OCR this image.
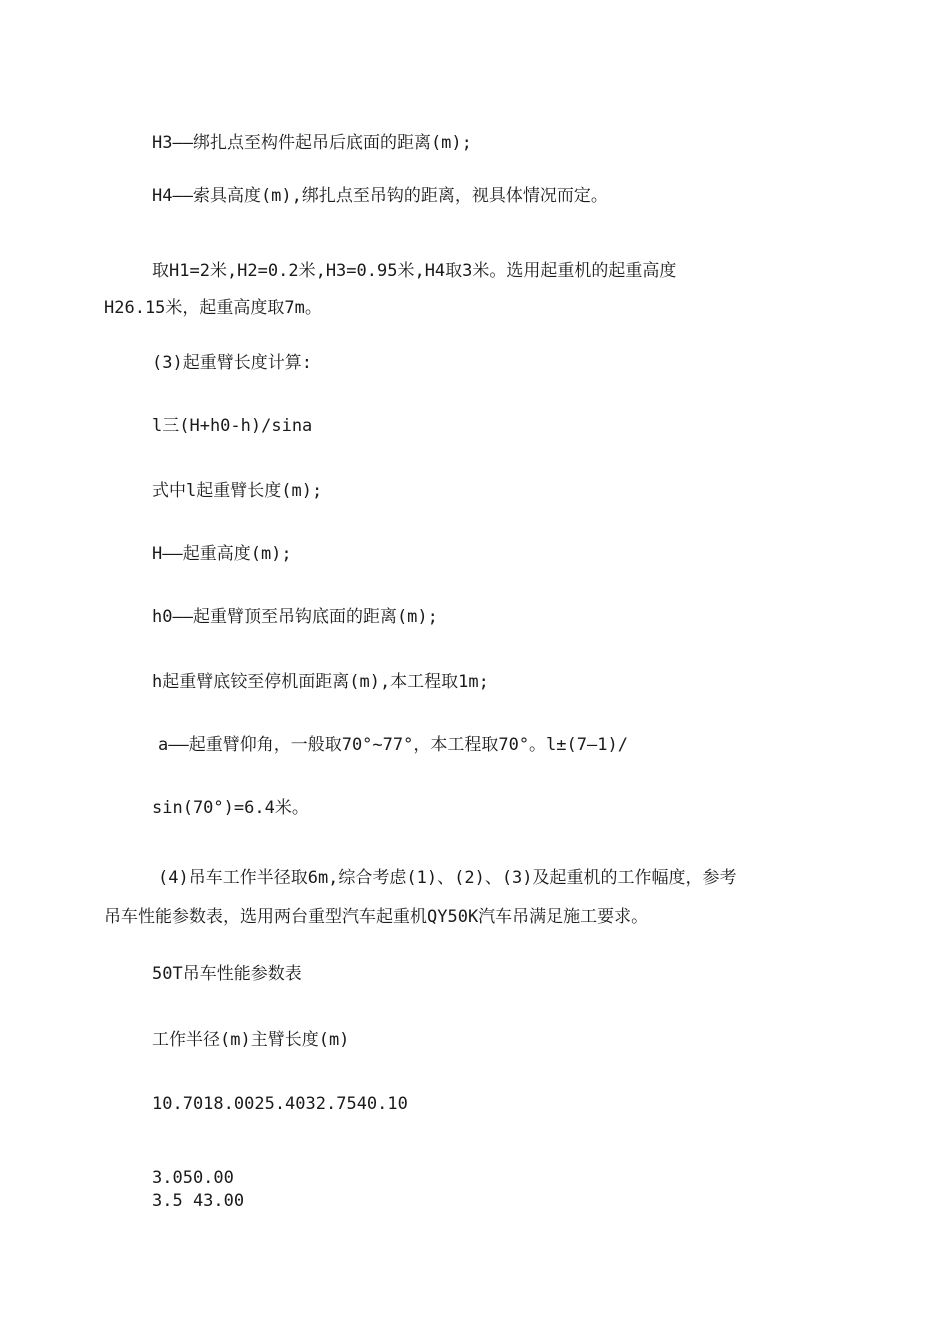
H3——绑扎点至构件起吊后底面的距离(m);
H4——索具高度(m),绑扎点至吊钩的距离，视具体情况而定。
取H1=2米,H2=0.2米,H3=0.95米,H4取3米。选用起重机的起重高度
H26.15米，起重高度取7m。
(3)起重臂长度计算:
l三(H+h0-h)/sina
式中l起重臂长度(m);
H——起重高度(m);
h0——起重臂顶至吊钩底面的距离(m);
h起重臂底铰至停机面距离(m),本工程取1m;
a——起重臂仰角，一般取70°~77°，本工程取70°。l±(7—1)/
sin(70°)=6.4米。
(4)吊车工作半径取6m,综合考虑(1)、(2)、(3)及起重机的工作幅度，参考
吊车性能参数表，选用两台重型汽车起重机QY50K汽车吊满足施工要求。
50T吊车性能参数表
工作半径(m)主臂长度(m)
10.7018.0025.4032.7540.10
3.050.00
3.5 43.00
